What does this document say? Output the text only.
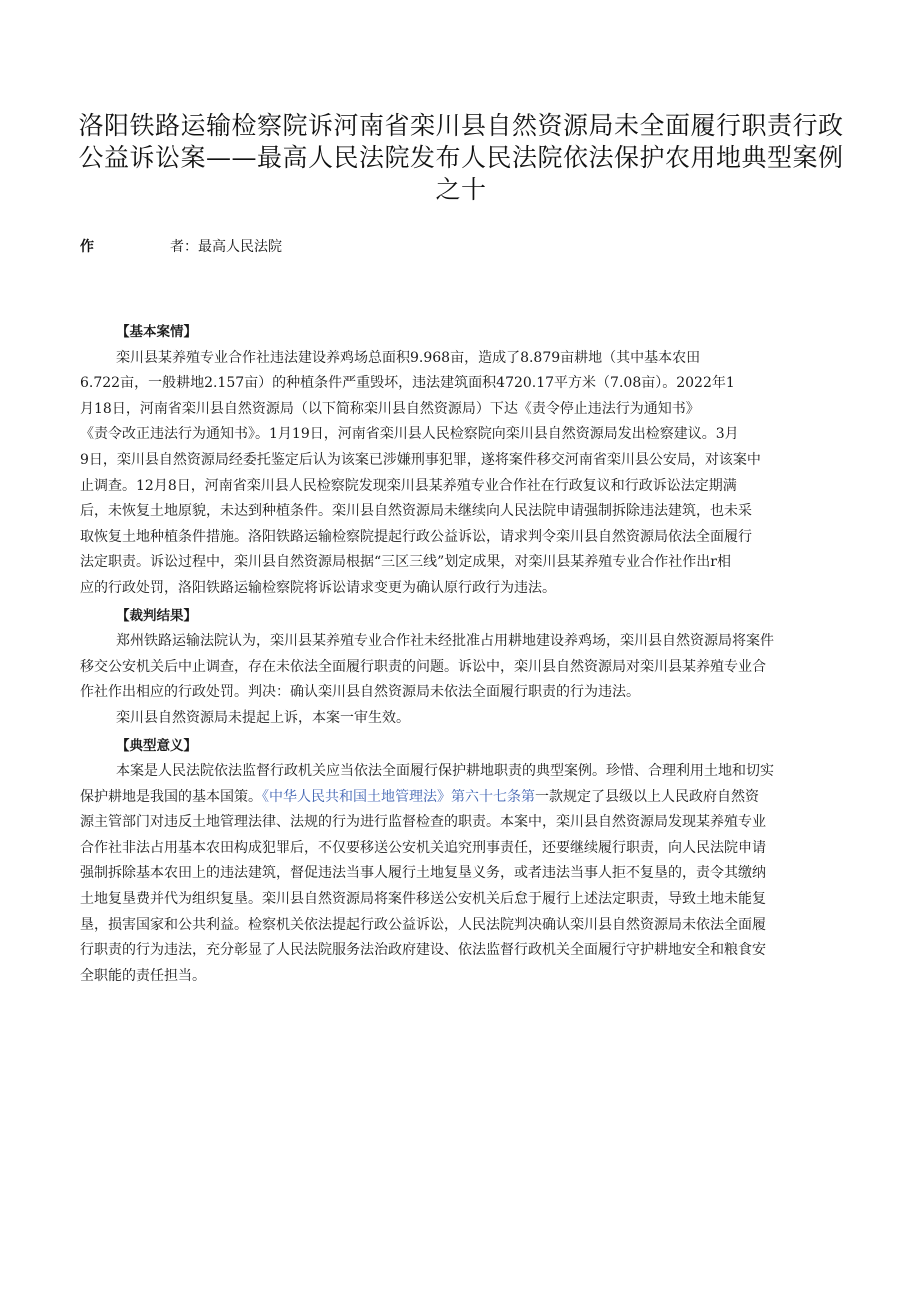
洛阳铁路运输检察院诉河南省栾川县自然资源局未全面履行职责行政
公益诉讼案——最高人民法院发布人民法院依法保护农用地典型案例
之十
作	者：最高人民法院
【基本案情】
栾川县某养殖专业合作社违法建设养鸡场总面积9.968亩，造成了8.879亩耕地（其中基本农田
6.722亩，一般耕地2.157亩）的种植条件严重毁坏，违法建筑面积4720.17平方米（7.08亩）。2022年1
月18日，河南省栾川县自然资源局（以下简称栾川县自然资源局）下达《责令停止违法行为通知书》
《责令改正违法行为通知书》。1月19日，河南省栾川县人民检察院向栾川县自然资源局发出检察建议。3月
9日，栾川县自然资源局经委托鉴定后认为该案已涉嫌刑事犯罪，遂将案件移交河南省栾川县公安局，对该案中
止调查。12月8日，河南省栾川县人民检察院发现栾川县某养殖专业合作社在行政复议和行政诉讼法定期满
后，未恢复土地原貌，未达到种植条件。栾川县自然资源局未继续向人民法院申请强制拆除违法建筑，也未采
取恢复土地种植条件措施。洛阳铁路运输检察院提起行政公益诉讼，请求判令栾川县自然资源局依法全面履行
法定职责。诉讼过程中，栾川县自然资源局根据“三区三线”划定成果，对栾川县某养殖专业合作社作出r相
应的行政处罚，洛阳铁路运输检察院将诉讼请求变更为确认原行政行为违法。
【裁判结果】
郑州铁路运输法院认为，栾川县某养殖专业合作社未经批准占用耕地建设养鸡场，栾川县自然资源局将案件
移交公安机关后中止调查，存在未依法全面履行职责的问题。诉讼中，栾川县自然资源局对栾川县某养殖专业合
作社作出相应的行政处罚。判决：确认栾川县自然资源局未依法全面履行职责的行为违法。
栾川县自然资源局未提起上诉，本案一审生效。
【典型意义】
本案是人民法院依法监督行政机关应当依法全面履行保护耕地职责的典型案例。珍惜、合理利用土地和切实
保护耕地是我国的基本国策。《中华人民共和国土地管理法》第六十七条第一款规定了县级以上人民政府自然资
源主管部门对违反土地管理法律、法规的行为进行监督检查的职责。本案中，栾川县自然资源局发现某养殖专业
合作社非法占用基本农田构成犯罪后，不仅要移送公安机关追究刑事责任，还要继续履行职责，向人民法院申请
强制拆除基本农田上的违法建筑，督促违法当事人履行土地复垦义务，或者违法当事人拒不复垦的，责令其缴纳
土地复垦费并代为组织复垦。栾川县自然资源局将案件移送公安机关后怠于履行上述法定职责，导致土地未能复
垦，损害国家和公共利益。检察机关依法提起行政公益诉讼，人民法院判决确认栾川县自然资源局未依法全面履
行职责的行为违法，充分彰显了人民法院服务法治政府建设、依法监督行政机关全面履行守护耕地安全和粮食安
全职能的责任担当。
